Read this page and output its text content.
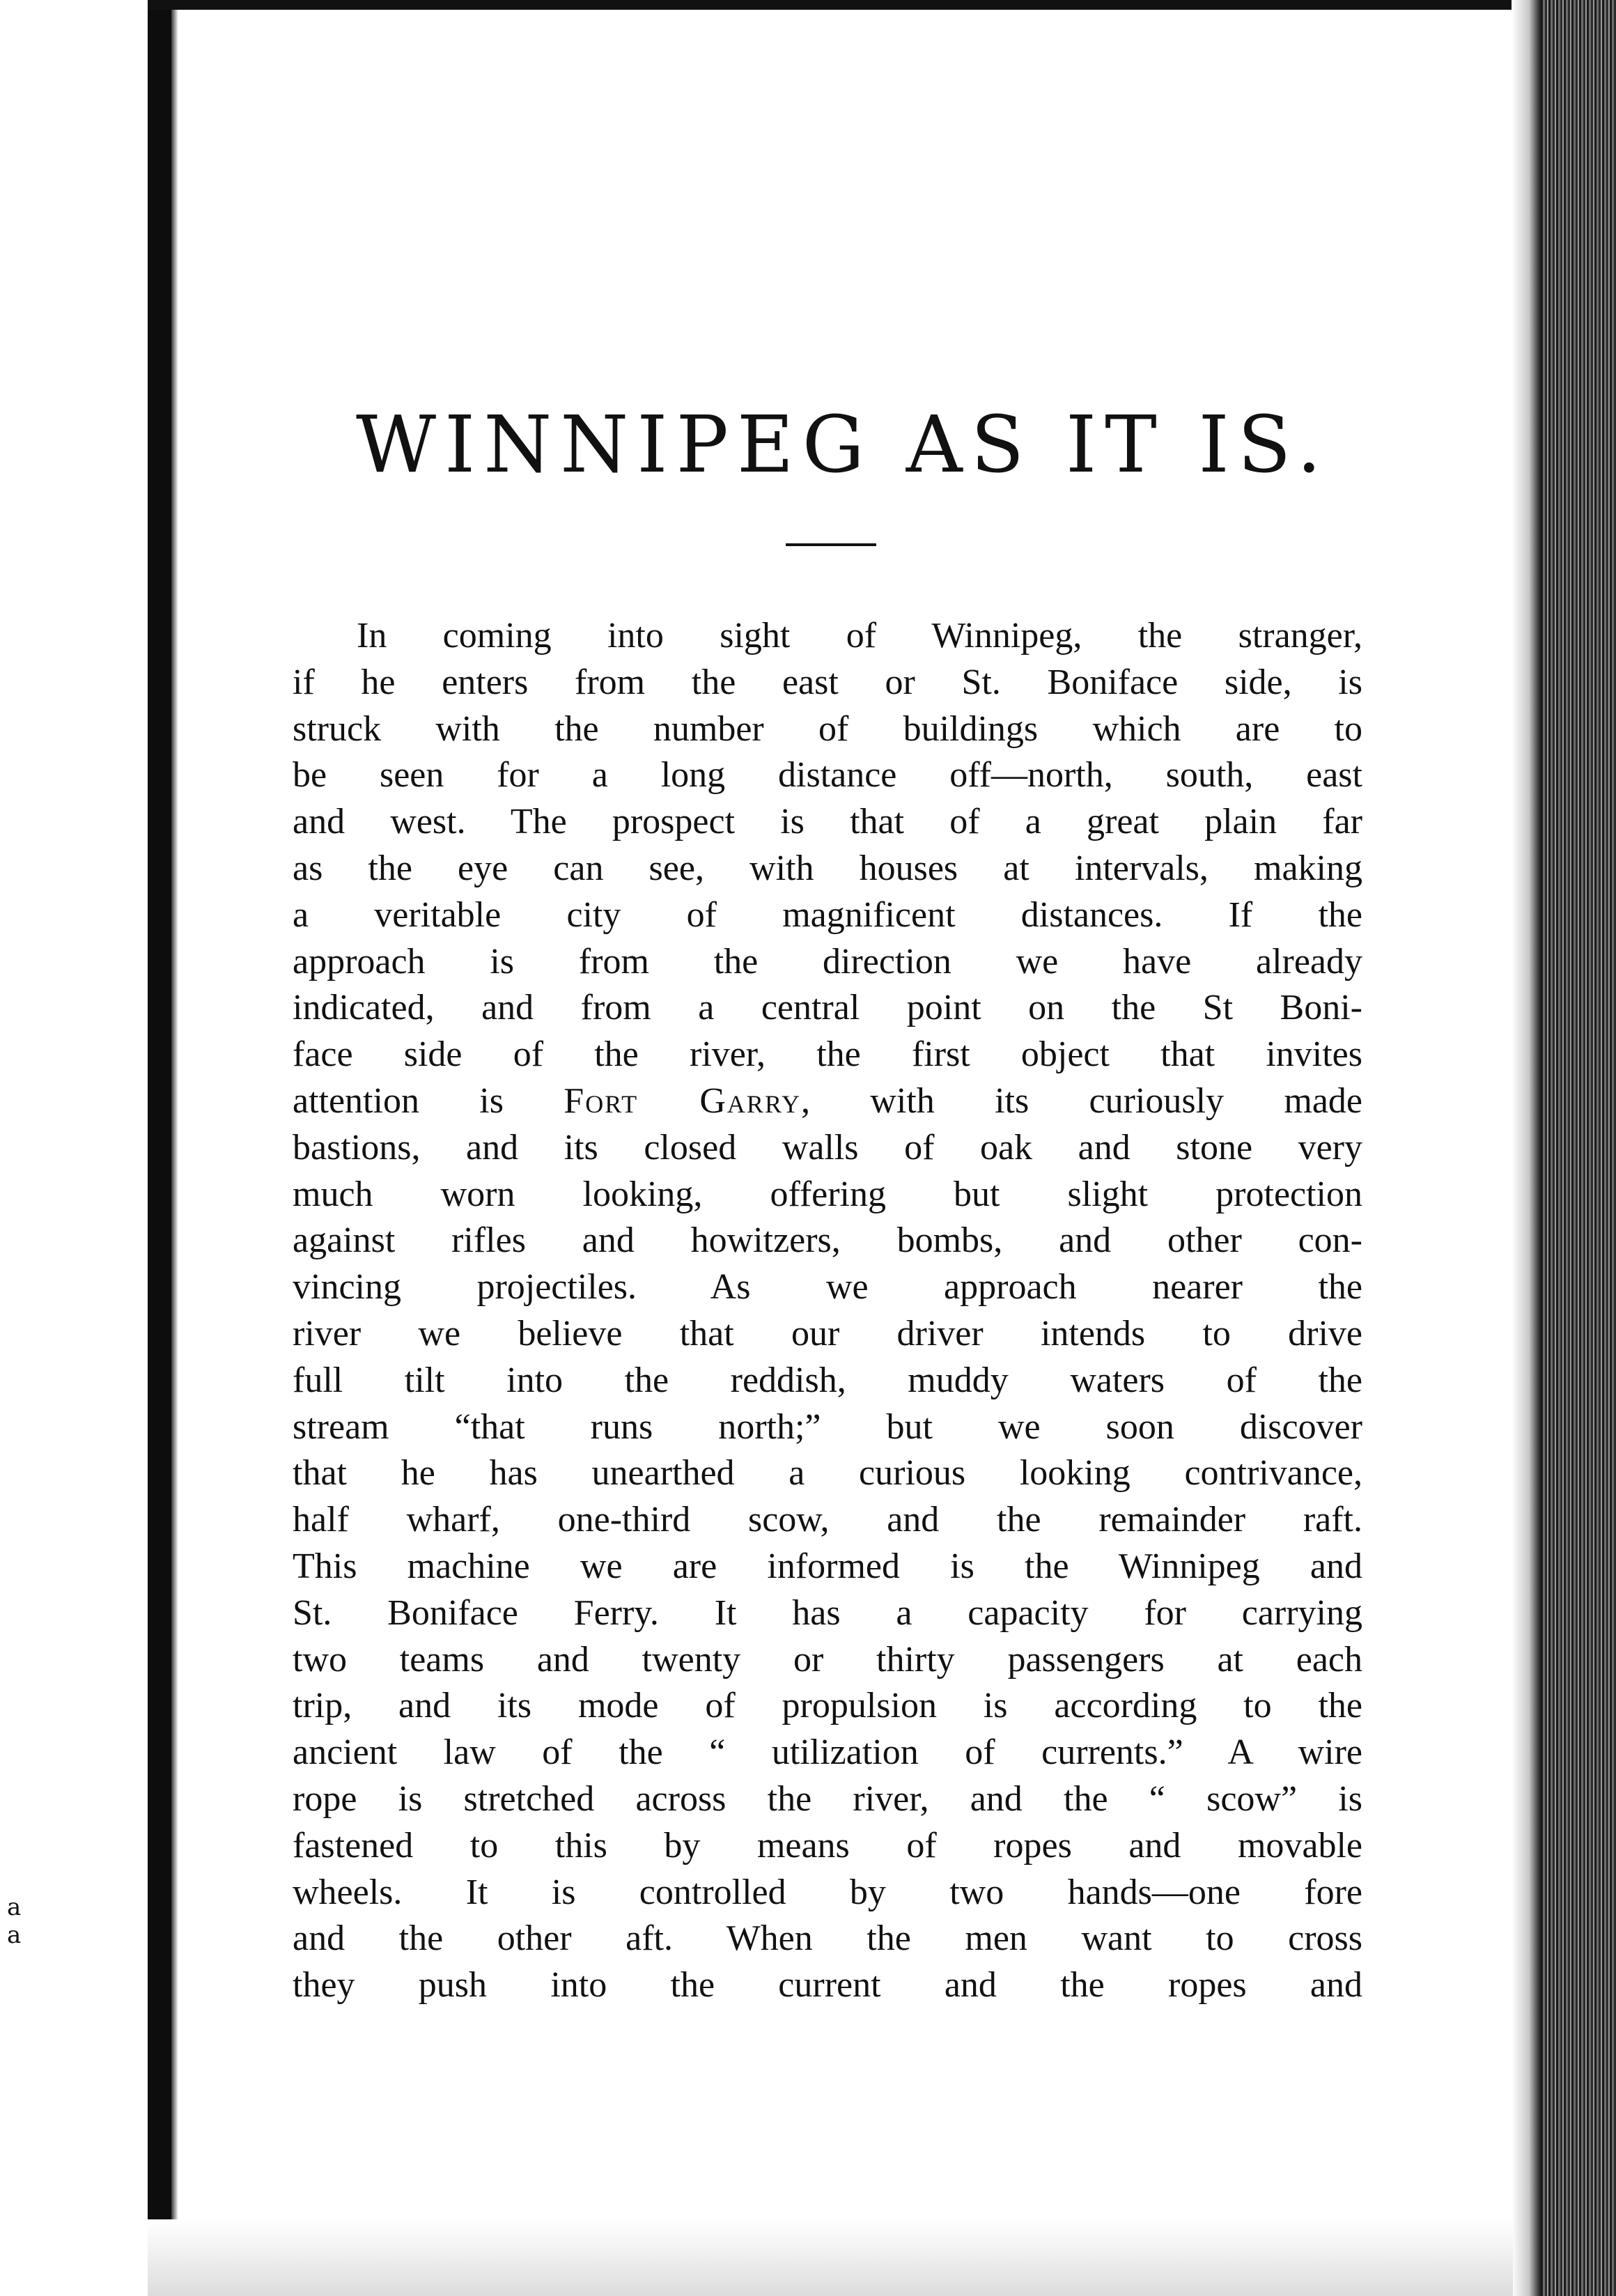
a
a
WINNIPEG AS IT IS.
In coming into sight of Winnipeg, the stranger,
if he enters from the east or St. Boniface side, is
struck with the number of buildings which are to
be seen for a long distance off—north, south, east
and west. The prospect is that of a great plain far
as the eye can see, with houses at intervals, making
a veritable city of magnificent distances. If the
approach is from the direction we have already
indicated, and from a central point on the St Boni-
face side of the river, the first object that invites
attention is Fort Garry, with its curiously made
bastions, and its closed walls of oak and stone very
much worn looking, offering but slight protection
against rifles and howitzers, bombs, and other con-
vincing projectiles. As we approach nearer the
river we believe that our driver intends to drive
full tilt into the reddish, muddy waters of the
stream “that runs north;” but we soon discover
that he has unearthed a curious looking contrivance,
half wharf, one-third scow, and the remainder raft.
This machine we are informed is the Winnipeg and
St. Boniface Ferry. It has a capacity for carrying
two teams and twenty or thirty passengers at each
trip, and its mode of propulsion is according to the
ancient law of the “ utilization of currents.” A wire
rope is stretched across the river, and the “ scow” is
fastened to this by means of ropes and movable
wheels. It is controlled by two hands—one fore
and the other aft. When the men want to cross
they push into the current and the ropes and
